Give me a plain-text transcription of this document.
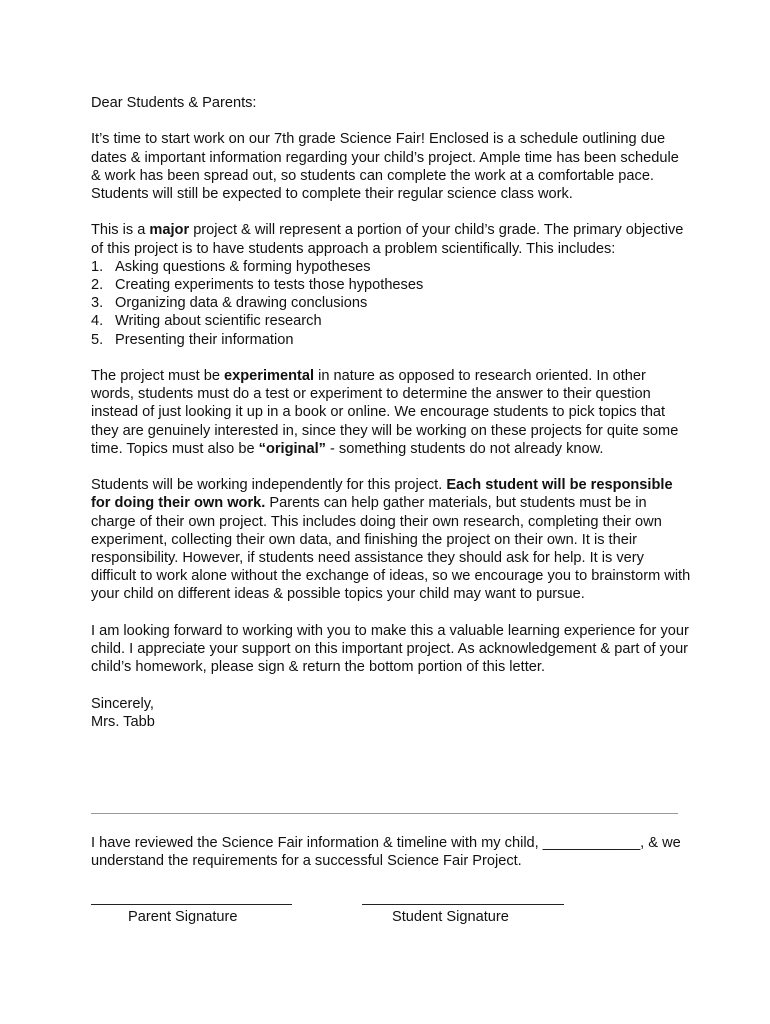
Dear Students & Parents:

It’s time to start work on our 7th grade Science Fair! Enclosed is a schedule outlining due dates & important information regarding your child’s project. Ample time has been schedule & work has been spread out, so students can complete the work at a comfortable pace. Students will still be expected to complete their regular science class work.

This is a major project & will represent a portion of your child’s grade. The primary objective of this project is to have students approach a problem scientifically. This includes:

1. Asking questions & forming hypotheses
2. Creating experiments to tests those hypotheses
3. Organizing data & drawing conclusions
4. Writing about scientific research
5. Presenting their information

The project must be experimental in nature as opposed to research oriented. In other words, students must do a test or experiment to determine the answer to their question instead of just looking it up in a book or online. We encourage students to pick topics that they are genuinely interested in, since they will be working on these projects for quite some time. Topics must also be “original” - something students do not already know.

Students will be working independently for this project. Each student will be responsible for doing their own work. Parents can help gather materials, but students must be in charge of their own project. This includes doing their own research, completing their own experiment, collecting their own data, and finishing the project on their own. It is their responsibility. However, if students need assistance they should ask for help. It is very difficult to work alone without the exchange of ideas, so we encourage you to brainstorm with your child on different ideas & possible topics your child may want to pursue.

I am looking forward to working with you to make this a valuable learning experience for your child. I appreciate your support on this important project. As acknowledgement & part of your child’s homework, please sign & return the bottom portion of this letter.

Sincerely,
Mrs. Tabb

I have reviewed the Science Fair information & timeline with my child, ____________, & we understand the requirements for a successful Science Fair Project.
Parent Signature	Student Signature
